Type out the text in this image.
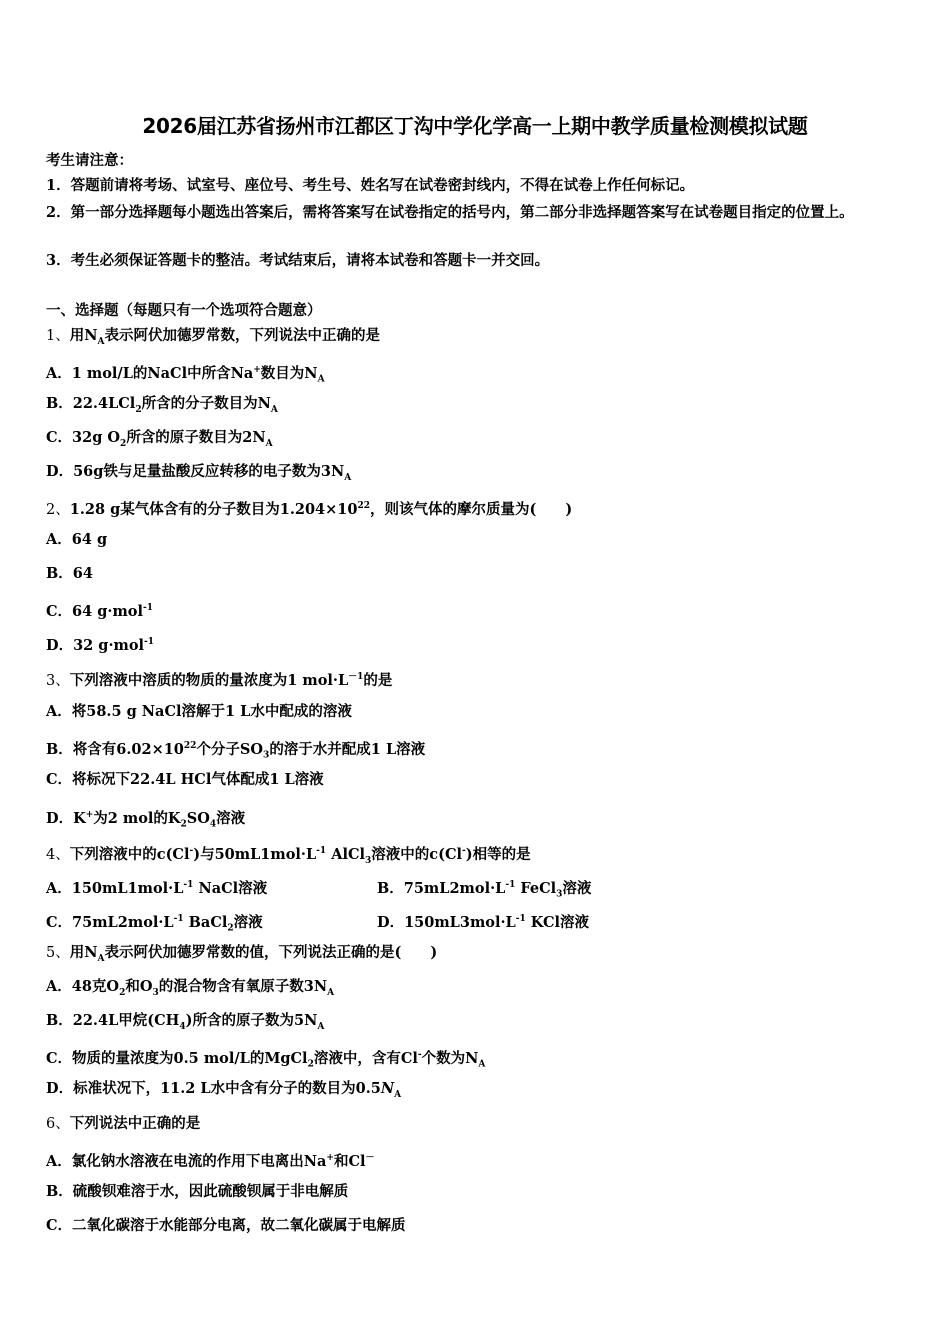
2026届江苏省扬州市江都区丁沟中学化学高一上期中教学质量检测模拟试题
考生请注意：
1．答题前请将考场、试室号、座位号、考生号、姓名写在试卷密封线内，不得在试卷上作任何标记。
2．第一部分选择题每小题选出答案后，需将答案写在试卷指定的括号内，第二部分非选择题答案写在试卷题目指定的位置上。
3．考生必须保证答题卡的整洁。考试结束后，请将本试卷和答题卡一并交回。
一、选择题（每题只有一个选项符合题意）
1、用$N_A$表示阿伏加德罗常数，下列说法中正确的是
A．1 mol/L的NaCl中所含Na+数目为$N_A$
B．22.4LCl$_2$所含的分子数目为$N_A$
C．32g $O_2$所含的原子数目为$2N_A$
D．56g铁与足量盐酸反应转移的电子数为$3N_A$
2、1.28 g某气体含有的分子数目为$1.204\times 10^{22}$，则该气体的摩尔质量为(　　)
A．64 g
B．64
C．64 g·mol$^{-1}$
D．32 g·mol$^{-1}$
3、下列溶液中溶质的物质的量浓度为1 $mol\cdot L^{-1}$的是
A．将58.5 g NaCl溶解于1 L水中配成的溶液
B．将含有$6.02\times 10^{22}$个分子$SO_3$的溶于水并配成1 L溶液
C．将标况下22.4L HCl气体配成1 L溶液
D．K+为2 mol的$K_2SO_4$溶液
4、下列溶液中的c(Cl-)与$50mL1mol\cdot L^{-1}$ AlCl$_3$溶液中的c(Cl-)相等的是
A．$150mL1mol\cdot L^{-1}$ NaCl溶液	B．$75mL2mol\cdot L^{-1}$ FeCl$_3$溶液
C．$75mL2mol\cdot L^{-1}$ BaCl$_2$溶液	D．$150mL3mol\cdot L^{-1}$ KCl溶液
5、用$N_A$表示阿伏加德罗常数的值，下列说法正确的是(　　)
A．48克$O_2$和$O_3$的混合物含有氧原子数$3N_A$
B．22.4L甲烷$(CH_4)$所含的原子数为$5N_A$
C．物质的量浓度为0.5 mol/L的MgCl$_2$溶液中，含有Cl-个数为$N_A$
D．标准状况下，11.2 L水中含有分子的数目为$0.5N_A$
6、下列说法中正确的是
A．氯化钠水溶液在电流的作用下电离出Na+和Cl－
B．硫酸钡难溶于水，因此硫酸钡属于非电解质
C．二氧化碳溶于水能部分电离，故二氧化碳属于电解质
